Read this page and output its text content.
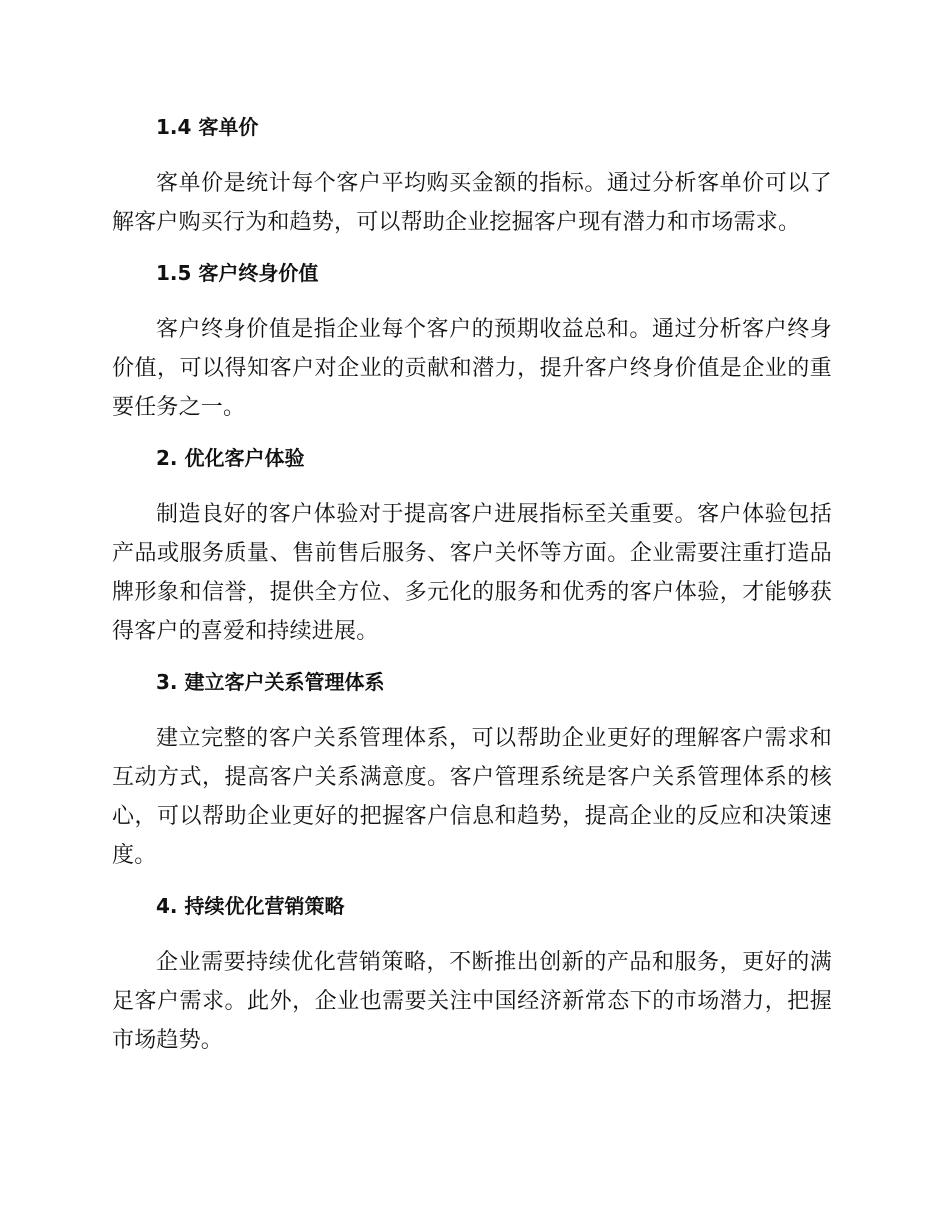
1.4 客单价

客单价是统计每个客户平均购买金额的指标。通过分析客单价可以了解客户购买行为和趋势，可以帮助企业挖掘客户现有潜力和市场需求。

1.5 客户终身价值

客户终身价值是指企业每个客户的预期收益总和。通过分析客户终身价值，可以得知客户对企业的贡献和潜力，提升客户终身价值是企业的重要任务之一。

2. 优化客户体验

制造良好的客户体验对于提高客户进展指标至关重要。客户体验包括产品或服务质量、售前售后服务、客户关怀等方面。企业需要注重打造品牌形象和信誉，提供全方位、多元化的服务和优秀的客户体验，才能够获得客户的喜爱和持续进展。

3. 建立客户关系管理体系

建立完整的客户关系管理体系，可以帮助企业更好的理解客户需求和互动方式，提高客户关系满意度。客户管理系统是客户关系管理体系的核心，可以帮助企业更好的把握客户信息和趋势，提高企业的反应和决策速度。

4. 持续优化营销策略

企业需要持续优化营销策略，不断推出创新的产品和服务，更好的满足客户需求。此外，企业也需要关注中国经济新常态下的市场潜力，把握市场趋势。
